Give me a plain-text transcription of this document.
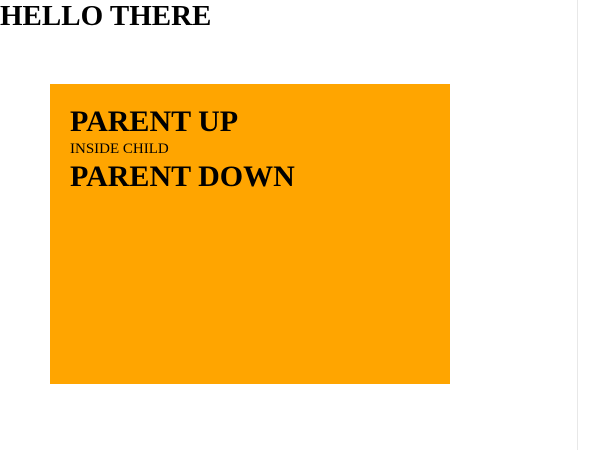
HELLO THERE
PARENT UP
INSIDE CHILD
PARENT DOWN
